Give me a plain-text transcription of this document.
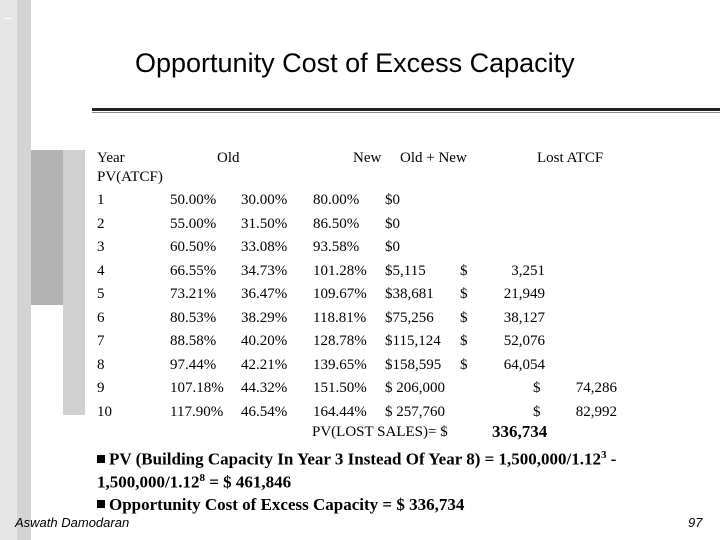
Opportunity Cost of Excess Capacity
Year	Old	New Old + New	Lost ATCF
PV(ATCF)
1	50.00% 30.00% 80.00% $0
2	55.00% 31.50% 86.50% $0
3	60.50% 33.08% 93.58% $0
4	66.55% 34.73% 101.28% $5,115 $	3,251
5	73.21% 36.47% 109.67% $38,681 $ 21,949
6	80.53% 38.29% 118.81% $75,256 $ 38,127
7	88.58% 40.20% 128.78% $115,124 $ 52,076
8	97.44% 42.21% 139.65% $158,595 $ 64,054
9	107.18% 44.32% 151.50% $ 206,000	$ 74,286
10	117.90% 46.54% 164.44% $ 257,760	$ 82,992
PV(LOST SALES)= $	336,734
PV (Building Capacity In Year 3 Instead Of Year $8) = 1,500,000/1.12^3$ -
$1,500,000/1.12^8$ = $ 461,846
Opportunity Cost of Excess Capacity = $ 336,734
Aswath Damodaran	97
